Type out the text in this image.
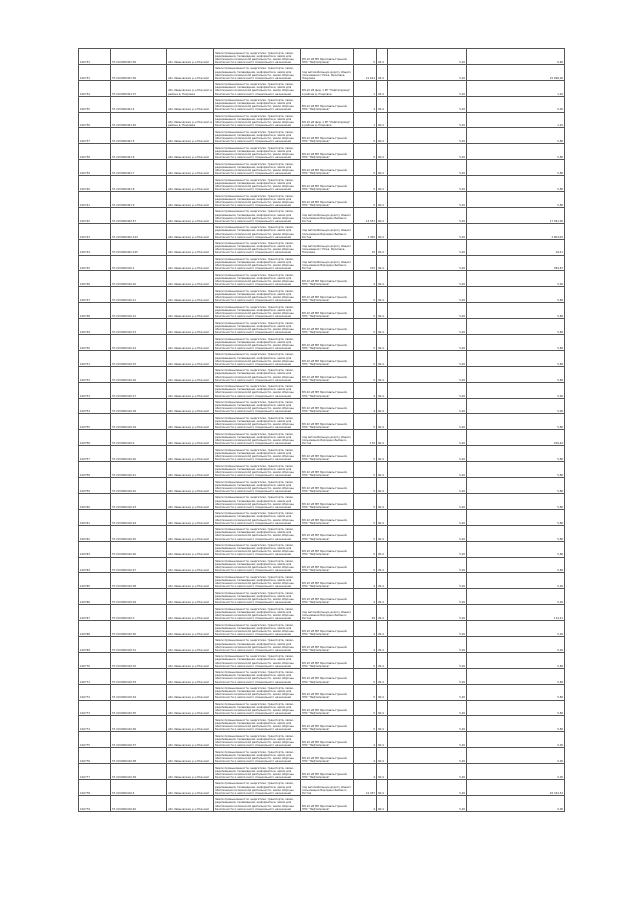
100733	57:20:0000401:30	обл. Ивановская, р-н Южский	Земли промышленности, энергетики, транспорта, связи, радиовещания, телевидения, информатики, земли для обеспечения космической деятельности, земли обороны, безопасности и земли иного специального назначения	ВЛ-10 кВ МН Ярославль-Горький, НПС "Нефтепровод"	5	00,4	5,20	6,86
100733	57:20:0000401:36	обл. Ивановская, р-н Южский	Земли промышленности, энергетики, транспорта, связи, радиовещания, телевидения, информатики, земли для обеспечения космической деятельности, земли обороны, безопасности и земли иного специального назначения	под автомобильную дорогу общего пользования г.Южа, Фроловка-Покровка	21 621	00,4	5,20	25 996,00
100734	57:20:0000401:37	обл. Ивановская, р-н Южский, в районе д. Покровка	Земли промышленности, энергетики, транспорта, связи, радиовещания, телевидения, информатики, земли для обеспечения космической деятельности, земли обороны, безопасности и земли иного специального назначения	ВЛ-10 кВ фид. 1 РП "Нефтепровод" в районе д. Покровка	1	00,4	5,20	1,20
100735	57:20:0000401:4	обл. Ивановская, р-н Южский	Земли промышленности, энергетики, транспорта, связи, радиовещания, телевидения, информатики, земли для обеспечения космической деятельности, земли обороны, безопасности и земли иного специального назначения	ВЛ-10 кВ МН Ярославль-Горький, НПС "Нефтепровод"	4	00,4	5,20	5,00
100736	57:20:0000401:40	обл. Ивановская, р-н Южский, в районе д. Покровка	Земли промышленности, энергетики, транспорта, связи, радиовещания, телевидения, информатики, земли для обеспечения космической деятельности, земли обороны, безопасности и земли иного специального назначения	ВЛ-10 кВ фид. 1 РП "Нефтепровод" в районе д. Покровка	1	00,4	5,20	1,20
100737	57:20:0000401:5	обл. Ивановская, р-н Южский	Земли промышленности, энергетики, транспорта, связи, радиовещания, телевидения, информатики, земли для обеспечения космической деятельности, земли обороны, безопасности и земли иного специального назначения	ВЛ-10 кВ МН Ярославль-Горький, НПС "Нефтепровод"	5	00,4	5,20	5,86
100738	57:20:0000401:6	обл. Ивановская, р-н Южский	Земли промышленности, энергетики, транспорта, связи, радиовещания, телевидения, информатики, земли для обеспечения космической деятельности, земли обороны, безопасности и земли иного специального назначения	ВЛ-10 кВ МН Ярославль-Горький, НПС "Нефтепровод"	5	00,4	5,20	5,86
100739	57:20:0000401:7	обл. Ивановская, р-н Южский	Земли промышленности, энергетики, транспорта, связи, радиовещания, телевидения, информатики, земли для обеспечения космической деятельности, земли обороны, безопасности и земли иного специального назначения	ВЛ-10 кВ МН Ярославль-Горький, НПС "Нефтепровод"	5	00,4	5,20	5,86
100740	57:20:0000401:8	обл. Ивановская, р-н Южский	Земли промышленности, энергетики, транспорта, связи, радиовещания, телевидения, информатики, земли для обеспечения космической деятельности, земли обороны, безопасности и земли иного специального назначения	ВЛ-10 кВ МН Ярославль-Горький, НПС "Нефтепровод"	5	00,4	5,20	5,86
100741	57:20:0000401:9	обл. Ивановская, р-н Южский	Земли промышленности, энергетики, транспорта, связи, радиовещания, телевидения, информатики, земли для обеспечения космической деятельности, земли обороны, безопасности и земли иного специального назначения	ВЛ-10 кВ МН Ярославль-Горький, НПС "Нефтепровод"	5	00,4	5,20	5,86
100742	57:20:0000402:57	обл. Ивановская, р-н Южский	Земли промышленности, энергетики, транспорта, связи, радиовещания, телевидения, информатики, земли для обеспечения космической деятельности, земли обороны, безопасности и земли иного специального назначения	под автомобильную дорогу общего пользования Бородино-Рыбинск-Ростов	14 557	00,4	5,20	17 061,00
100743	57:20:0000402:144	обл. Ивановская, р-н Южский	Земли промышленности, энергетики, транспорта, связи, радиовещания, телевидения, информатики, земли для обеспечения космической деятельности, земли обороны, безопасности и земли иного специального назначения	под автомобильную дорогу общего пользования Бородино-Рыбинск-Ростов	2 305	00,4	5,20	2 804,00
100744	57:20:0000402:145	обл. Ивановская, р-н Южский	Земли промышленности, энергетики, транспорта, связи, радиовещания, телевидения, информатики, земли для обеспечения космической деятельности, земли обороны, безопасности и земли иного специального назначения	под автомобильную дорогу общего пользования г.Южа, Фроловка-Покровка	15	00,4	5,20	18,41
100745	57:20:0000410:1	обл. Ивановская, р-н Южский	Земли промышленности, энергетики, транспорта, связи, радиовещания, телевидения, информатики, земли для обеспечения космической деятельности, земли обороны, безопасности и земли иного специального назначения	под автомобильную дорогу общего пользования Бородино-Рыбинск-Ростов	315	00,4	5,20	384,87
100746	57:20:0000410:10	обл. Ивановская, р-н Южский	Земли промышленности, энергетики, транспорта, связи, радиовещания, телевидения, информатики, земли для обеспечения космической деятельности, земли обороны, безопасности и земли иного специального назначения	ВЛ-10 кВ МН Ярославль-Горький, НПС "Нефтепровод"	4	00,4	5,20	5,00
100747	57:20:0000410:11	обл. Ивановская, р-н Южский	Земли промышленности, энергетики, транспорта, связи, радиовещания, телевидения, информатики, земли для обеспечения космической деятельности, земли обороны, безопасности и земли иного специального назначения	ВЛ-10 кВ МН Ярославль-Горький, НПС "Нефтепровод"	5	00,4	5,20	5,86
100748	57:20:0000410:12	обл. Ивановская, р-н Южский	Земли промышленности, энергетики, транспорта, связи, радиовещания, телевидения, информатики, земли для обеспечения космической деятельности, земли обороны, безопасности и земли иного специального назначения	ВЛ-10 кВ МН Ярославль-Горький, НПС "Нефтепровод"	5	00,4	5,20	5,86
100749	57:20:0000410:13	обл. Ивановская, р-н Южский	Земли промышленности, энергетики, транспорта, связи, радиовещания, телевидения, информатики, земли для обеспечения космической деятельности, земли обороны, безопасности и земли иного специального назначения	ВЛ-10 кВ МН Ярославль-Горький, НПС "Нефтепровод"	5	00,4	5,20	5,86
100750	57:20:0000410:14	обл. Ивановская, р-н Южский	Земли промышленности, энергетики, транспорта, связи, радиовещания, телевидения, информатики, земли для обеспечения космической деятельности, земли обороны, безопасности и земли иного специального назначения	ВЛ-10 кВ МН Ярославль-Горький, НПС "Нефтепровод"	5	00,4	5,20	5,86
100751	57:20:0000410:15	обл. Ивановская, р-н Южский	Земли промышленности, энергетики, транспорта, связи, радиовещания, телевидения, информатики, земли для обеспечения космической деятельности, земли обороны, безопасности и земли иного специального назначения	ВЛ-10 кВ МН Ярославль-Горький, НПС "Нефтепровод"	5	00,4	5,20	5,86
100752	57:20:0000410:16	обл. Ивановская, р-н Южский	Земли промышленности, энергетики, транспорта, связи, радиовещания, телевидения, информатики, земли для обеспечения космической деятельности, земли обороны, безопасности и земли иного специального назначения	ВЛ-10 кВ МН Ярославль-Горький, НПС "Нефтепровод"	5	00,4	5,20	5,86
100753	57:20:0000410:17	обл. Ивановская, р-н Южский	Земли промышленности, энергетики, транспорта, связи, радиовещания, телевидения, информатики, земли для обеспечения космической деятельности, земли обороны, безопасности и земли иного специального назначения	ВЛ-10 кВ МН Ярославль-Горький, НПС "Нефтепровод"	4	00,4	5,20	5,00
100754	57:20:0000410:18	обл. Ивановская, р-н Южский	Земли промышленности, энергетики, транспорта, связи, радиовещания, телевидения, информатики, земли для обеспечения космической деятельности, земли обороны, безопасности и земли иного специального назначения	ВЛ-10 кВ МН Ярославль-Горький, НПС "Нефтепровод"	4	00,4	5,20	5,00
100755	57:20:0000410:19	обл. Ивановская, р-н Южский	Земли промышленности, энергетики, транспорта, связи, радиовещания, телевидения, информатики, земли для обеспечения космической деятельности, земли обороны, безопасности и земли иного специального назначения	ВЛ-10 кВ МН Ярославль-Горький, НПС "Нефтепровод"	5	00,4	5,20	5,86
100756	57:20:0000410:2	обл. Ивановская, р-н Южский	Земли промышленности, энергетики, транспорта, связи, радиовещания, телевидения, информатики, земли для обеспечения космической деятельности, земли обороны, безопасности и земли иного специального назначения	под автомобильную дорогу общего пользования Бородино-Рыбинск-Ростов	170	00,4	5,20	209,40
100757	57:20:0000410:20	обл. Ивановская, р-н Южский	Земли промышленности, энергетики, транспорта, связи, радиовещания, телевидения, информатики, земли для обеспечения космической деятельности, земли обороны, безопасности и земли иного специального назначения	ВЛ-10 кВ МН Ярославль-Горький, НПС "Нефтепровод"	5	00,4	5,20	5,86
100758	57:20:0000410:21	обл. Ивановская, р-н Южский	Земли промышленности, энергетики, транспорта, связи, радиовещания, телевидения, информатики, земли для обеспечения космической деятельности, земли обороны, безопасности и земли иного специального назначения	ВЛ-10 кВ МН Ярославль-Горький, НПС "Нефтепровод"	5	00,4	5,20	5,86
100759	57:20:0000410:22	обл. Ивановская, р-н Южский	Земли промышленности, энергетики, транспорта, связи, радиовещания, телевидения, информатики, земли для обеспечения космической деятельности, земли обороны, безопасности и земли иного специального назначения	ВЛ-10 кВ МН Ярославль-Горький, НПС "Нефтепровод"	5	00,4	5,20	5,86
100760	57:20:0000410:23	обл. Ивановская, р-н Южский	Земли промышленности, энергетики, транспорта, связи, радиовещания, телевидения, информатики, земли для обеспечения космической деятельности, земли обороны, безопасности и земли иного специального назначения	ВЛ-10 кВ МН Ярославль-Горький, НПС "Нефтепровод"	5	00,4	5,20	5,86
100761	57:20:0000410:24	обл. Ивановская, р-н Южский	Земли промышленности, энергетики, транспорта, связи, радиовещания, телевидения, информатики, земли для обеспечения космической деятельности, земли обороны, безопасности и земли иного специального назначения	ВЛ-10 кВ МН Ярославль-Горький, НПС "Нефтепровод"	5	00,4	5,20	5,86
100762	57:20:0000410:25	обл. Ивановская, р-н Южский	Земли промышленности, энергетики, транспорта, связи, радиовещания, телевидения, информатики, земли для обеспечения космической деятельности, земли обороны, безопасности и земли иного специального назначения	ВЛ-10 кВ МН Ярославль-Горький, НПС "Нефтепровод"	5	00,4	5,20	5,86
100763	57:20:0000410:26	обл. Ивановская, р-н Южский	Земли промышленности, энергетики, транспорта, связи, радиовещания, телевидения, информатики, земли для обеспечения космической деятельности, земли обороны, безопасности и земли иного специального назначения	ВЛ-10 кВ МН Ярославль-Горький, НПС "Нефтепровод"	5	00,4	5,20	5,86
100764	57:20:0000410:27	обл. Ивановская, р-н Южский	Земли промышленности, энергетики, транспорта, связи, радиовещания, телевидения, информатики, земли для обеспечения космической деятельности, земли обороны, безопасности и земли иного специального назначения	ВЛ-10 кВ МН Ярославль-Горький, НПС "Нефтепровод"	5	00,4	5,20	5,86
100765	57:20:0000410:28	обл. Ивановская, р-н Южский	Земли промышленности, энергетики, транспорта, связи, радиовещания, телевидения, информатики, земли для обеспечения космической деятельности, земли обороны, безопасности и земли иного специального назначения	ВЛ-10 кВ МН Ярославль-Горький, НПС "Нефтепровод"	4	00,4	5,20	5,00
100766	57:20:0000410:29	обл. Ивановская, р-н Южский	Земли промышленности, энергетики, транспорта, связи, радиовещания, телевидения, информатики, земли для обеспечения космической деятельности, земли обороны, безопасности и земли иного специального назначения	ВЛ-10 кВ МН Ярославль-Горький, НПС "Нефтепровод"	4	00,4	5,20	5,00
100767	57:20:0000410:3	обл. Ивановская, р-н Южский	Земли промышленности, энергетики, транспорта, связи, радиовещания, телевидения, информатики, земли для обеспечения космической деятельности, земли обороны, безопасности и земли иного специального назначения	под автомобильную дорогу общего пользования Бородино-Рыбинск-Ростов	94	00,4	5,20	114,21
100768	57:20:0000410:30	обл. Ивановская, р-н Южский	Земли промышленности, энергетики, транспорта, связи, радиовещания, телевидения, информатики, земли для обеспечения космической деятельности, земли обороны, безопасности и земли иного специального назначения	ВЛ-10 кВ МН Ярославль-Горький, НПС "Нефтепровод"	4	00,4	5,20	5,00
100769	57:20:0000410:31	обл. Ивановская, р-н Южский	Земли промышленности, энергетики, транспорта, связи, радиовещания, телевидения, информатики, земли для обеспечения космической деятельности, земли обороны, безопасности и земли иного специального назначения	ВЛ-10 кВ МН Ярославль-Горький, НПС "Нефтепровод"	4	00,4	5,20	5,00
100770	57:20:0000410:32	обл. Ивановская, р-н Южский	Земли промышленности, энергетики, транспорта, связи, радиовещания, телевидения, информатики, земли для обеспечения космической деятельности, земли обороны, безопасности и земли иного специального назначения	ВЛ-10 кВ МН Ярославль-Горький, НПС "Нефтепровод"	5	00,4	5,20	5,86
100771	57:20:0000410:33	обл. Ивановская, р-н Южский	Земли промышленности, энергетики, транспорта, связи, радиовещания, телевидения, информатики, земли для обеспечения космической деятельности, земли обороны, безопасности и земли иного специального назначения	ВЛ-10 кВ МН Ярославль-Горький, НПС "Нефтепровод"	5	00,4	5,20	5,86
100772	57:20:0000410:34	обл. Ивановская, р-н Южский	Земли промышленности, энергетики, транспорта, связи, радиовещания, телевидения, информатики, земли для обеспечения космической деятельности, земли обороны, безопасности и земли иного специального назначения	ВЛ-10 кВ МН Ярославль-Горький, НПС "Нефтепровод"	5	00,4	5,20	5,86
100773	57:20:0000410:35	обл. Ивановская, р-н Южский	Земли промышленности, энергетики, транспорта, связи, радиовещания, телевидения, информатики, земли для обеспечения космической деятельности, земли обороны, безопасности и земли иного специального назначения	ВЛ-10 кВ МН Ярославль-Горький, НПС "Нефтепровод"	5	00,4	5,20	5,86
100774	57:20:0000410:36	обл. Ивановская, р-н Южский	Земли промышленности, энергетики, транспорта, связи, радиовещания, телевидения, информатики, земли для обеспечения космической деятельности, земли обороны, безопасности и земли иного специального назначения	ВЛ-10 кВ МН Ярославль-Горький, НПС "Нефтепровод"	5	00,4	5,20	5,86
100775	57:20:0000410:37	обл. Ивановская, р-н Южский	Земли промышленности, энергетики, транспорта, связи, радиовещания, телевидения, информатики, земли для обеспечения космической деятельности, земли обороны, безопасности и земли иного специального назначения	ВЛ-10 кВ МН Ярославль-Горький, НПС "Нефтепровод"	4	00,4	5,20	5,00
100776	57:20:0000410:38	обл. Ивановская, р-н Южский	Земли промышленности, энергетики, транспорта, связи, радиовещания, телевидения, информатики, земли для обеспечения космической деятельности, земли обороны, безопасности и земли иного специального назначения	ВЛ-10 кВ МН Ярославль-Горький, НПС "Нефтепровод"	4	00,4	5,20	5,00
100777	57:20:0000410:39	обл. Ивановская, р-н Южский	Земли промышленности, энергетики, транспорта, связи, радиовещания, телевидения, информатики, земли для обеспечения космической деятельности, земли обороны, безопасности и земли иного специального назначения	ВЛ-10 кВ МН Ярославль-Горький, НПС "Нефтепровод"	4	00,4	5,20	5,00
100778	57:20:0000410:4	обл. Ивановская, р-н Южский	Земли промышленности, энергетики, транспорта, связи, радиовещания, телевидения, информатики, земли для обеспечения космической деятельности, земли обороны, безопасности и земли иного специального назначения	под автомобильную дорогу общего пользования Бородино-Рыбинск-Ростов	21 457	00,4	5,20	26 344,54
100779	57:20:0000410:40	обл. Ивановская, р-н Южский	Земли промышленности, энергетики, транспорта, связи, радиовещания, телевидения, информатики, земли для обеспечения космической деятельности, земли обороны, безопасности и земли иного специального назначения	ВЛ-10 кВ МН Ярославль-Горький, НПС "Нефтепровод"	4	00,4	5,20	5,00
